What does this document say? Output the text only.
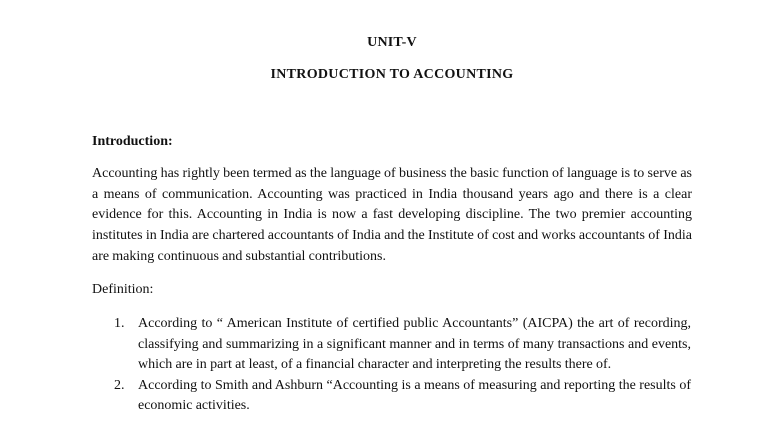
UNIT-V
INTRODUCTION TO ACCOUNTING
Introduction:
Accounting has rightly been termed as the language of business the basic function of language is to serve as a means of communication. Accounting was practiced in India thousand years ago and there is a clear evidence for this. Accounting in India is now a fast developing discipline. The two premier accounting institutes in India are chartered accountants of India and the Institute of cost and works accountants of India are making continuous and substantial contributions.
Definition:
1. According to “ American Institute of certified public Accountants” (AICPA) the art of recording, classifying and summarizing in a significant manner and in terms of many transactions and events, which are in part at least, of a financial character and interpreting the results there of.
2. According to Smith and Ashburn “Accounting is a means of measuring and reporting the results of economic activities.
